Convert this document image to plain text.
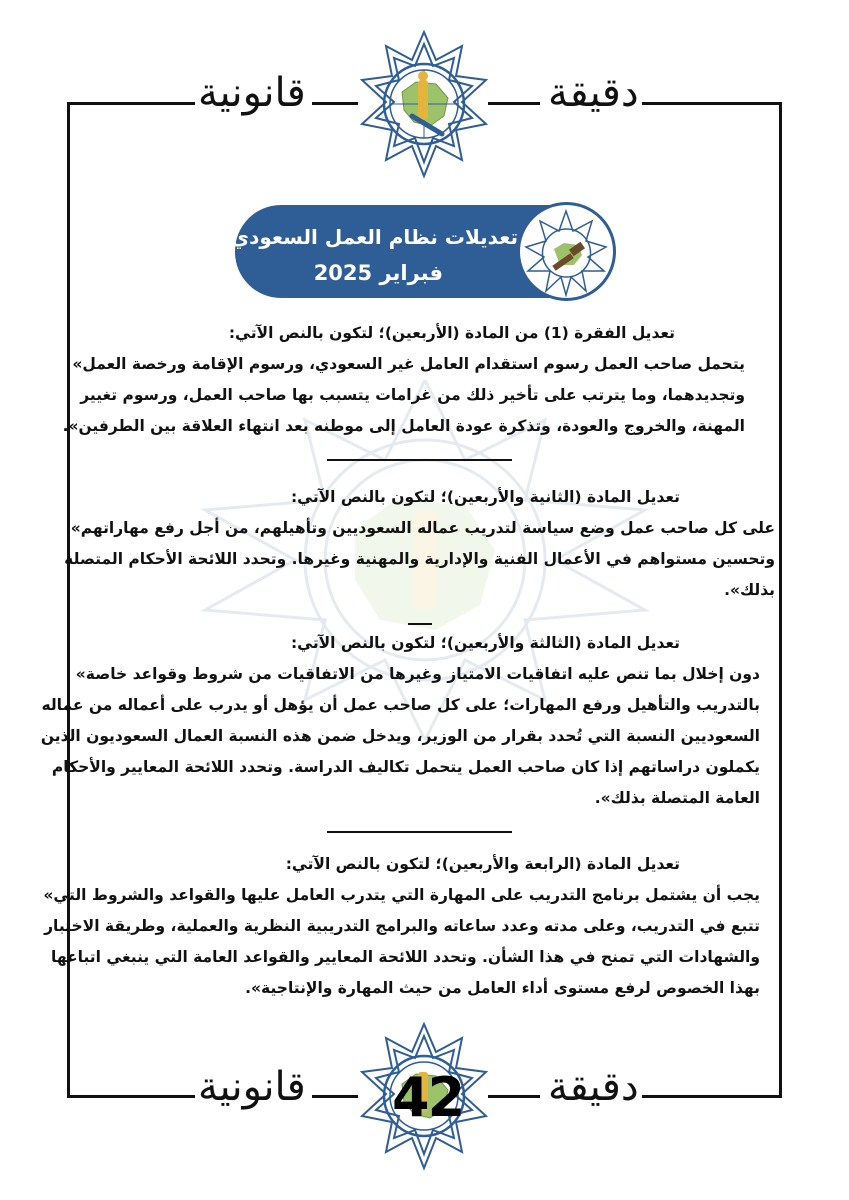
دقيقة
قانونية
دقيقة
قانونية 42
تعديلات نظام العمل السعودي
فبراير 2025
تعديل الفقرة (1) من المادة (الأربعين)؛ لتكون بالنص الآتي:
يتحمل صاحب العمل رسوم استقدام العامل غير السعودي، ورسوم الإقامة ورخصة العمل»
وتجديدهما، وما يترتب على تأخير ذلك من غرامات يتسبب بها صاحب العمل، ورسوم تغيير
المهنة، والخروج والعودة، وتذكرة عودة العامل إلى موطنه بعد انتهاء العلاقة بين الطرفين».
تعديل المادة (الثانية والأربعين)؛ لتكون بالنص الآتي:
على كل صاحب عمل وضع سياسة لتدريب عماله السعوديين وتأهيلهم، من أجل رفع مهاراتهم»
وتحسين مستواهم في الأعمال الفنية والإدارية والمهنية وغيرها. وتحدد اللائحة الأحكام المتصلة
بذلك».
تعديل المادة (الثالثة والأربعين)؛ لتكون بالنص الآتي:
دون إخلال بما تنص عليه اتفاقيات الامتياز وغيرها من الاتفاقيات من شروط وقواعد خاصة»
بالتدريب والتأهيل ورفع المهارات؛ على كل صاحب عمل أن يؤهل أو يدرب على أعماله من عماله
السعوديين النسبة التي تُحدد بقرار من الوزير، ويدخل ضمن هذه النسبة العمال السعوديون الذين
يكملون دراساتهم إذا كان صاحب العمل يتحمل تكاليف الدراسة. وتحدد اللائحة المعايير والأحكام
العامة المتصلة بذلك».
تعديل المادة (الرابعة والأربعين)؛ لتكون بالنص الآتي:
يجب أن يشتمل برنامج التدريب على المهارة التي يتدرب العامل عليها والقواعد والشروط التي»
تتبع في التدريب، وعلى مدته وعدد ساعاته والبرامج التدريبية النظرية والعملية، وطريقة الاختبار
والشهادات التي تمنح في هذا الشأن. وتحدد اللائحة المعايير والقواعد العامة التي ينبغي اتباعها
بهذا الخصوص لرفع مستوى أداء العامل من حيث المهارة والإنتاجية».
